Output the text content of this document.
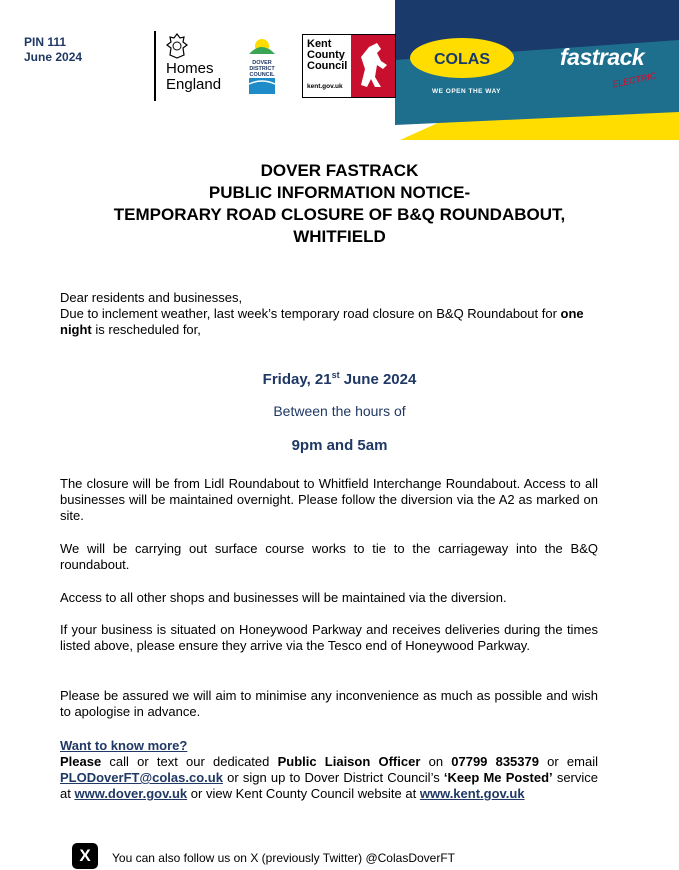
PIN 111
June 2024	COLAS
Homes
England
DOVER
DISTRICT
COUNCIL
Kent
County
Council
kent.gov.uk
WE OPEN THE WAY
fastrack
ELECTRIC
DOVER FASTRACK
PUBLIC INFORMATION NOTICE-
TEMPORARY ROAD CLOSURE OF B&Q ROUNDABOUT,
WHITFIELD
Dear residents and businesses,
Due to inclement weather, last week’s temporary road closure on B&Q Roundabout for one night is rescheduled for,
Friday, 21st June 2024
Between the hours of
9pm and 5am
The closure will be from Lidl Roundabout to Whitfield Interchange Roundabout. Access to all businesses will be maintained overnight. Please follow the diversion via the A2 as marked on site.
We will be carrying out surface course works to tie to the carriageway into the B&Q roundabout.
Access to all other shops and businesses will be maintained via the diversion.
If your business is situated on Honeywood Parkway and receives deliveries during the times listed above, please ensure they arrive via the Tesco end of Honeywood Parkway.
Please be assured we will aim to minimise any inconvenience as much as possible and wish to apologise in advance.
Want to know more?
Please call or text our dedicated Public Liaison Officer on 07799 835379 or email PLODoverFT@colas.co.uk or sign up to Dover District Council’s ‘Keep Me Posted’ service at www.dover.gov.uk or view Kent County Council website at www.kent.gov.uk
X	You can also follow us on X (previously Twitter) @ColasDoverFT
